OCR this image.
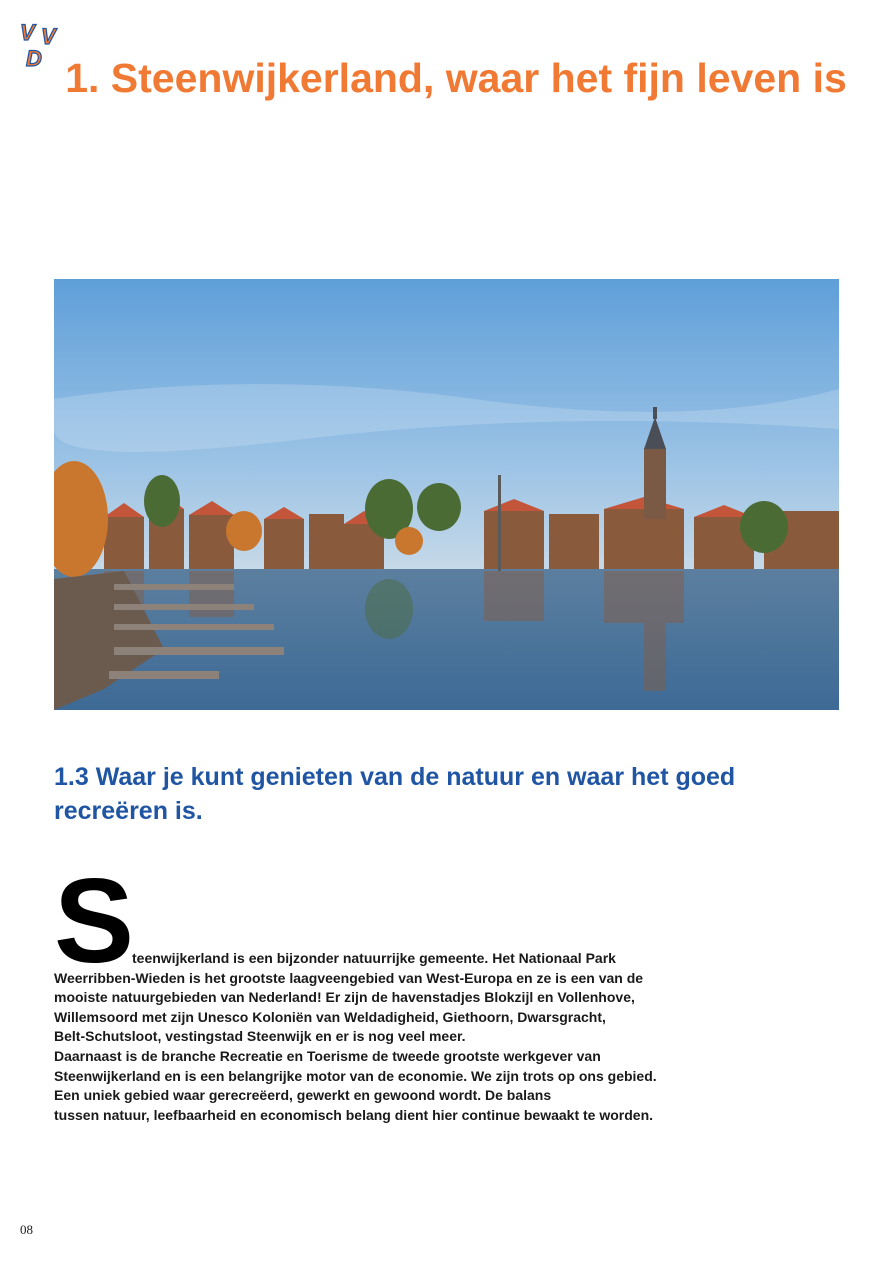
V V
D 1. Steenwijkerland, waar het fijn leven is
1.3 Waar je kunt genieten van de natuur en waar het goed recreëren is.
S

teenwijkerland is een bijzonder natuurrijke gemeente. Het Nationaal Park
Weerribben-Wieden is het grootste laagveengebied van West-Europa en ze is een van de
mooiste natuurgebieden van Nederland! Er zijn de havenstadjes Blokzijl en Vollenhove,
Willemsoord met zijn Unesco Koloniën van Weldadigheid, Giethoorn, Dwarsgracht,
Belt-Schutsloot, vestingstad Steenwijk en er is nog veel meer.
Daarnaast is de branche Recreatie en Toerisme de tweede grootste werkgever van
Steenwijkerland en is een belangrijke motor van de economie. We zijn trots op ons gebied.
Een uniek gebied waar gerecreëerd, gewerkt en gewoond wordt. De balans
tussen natuur, leefbaarheid en economisch belang dient hier continue bewaakt te worden.

08
